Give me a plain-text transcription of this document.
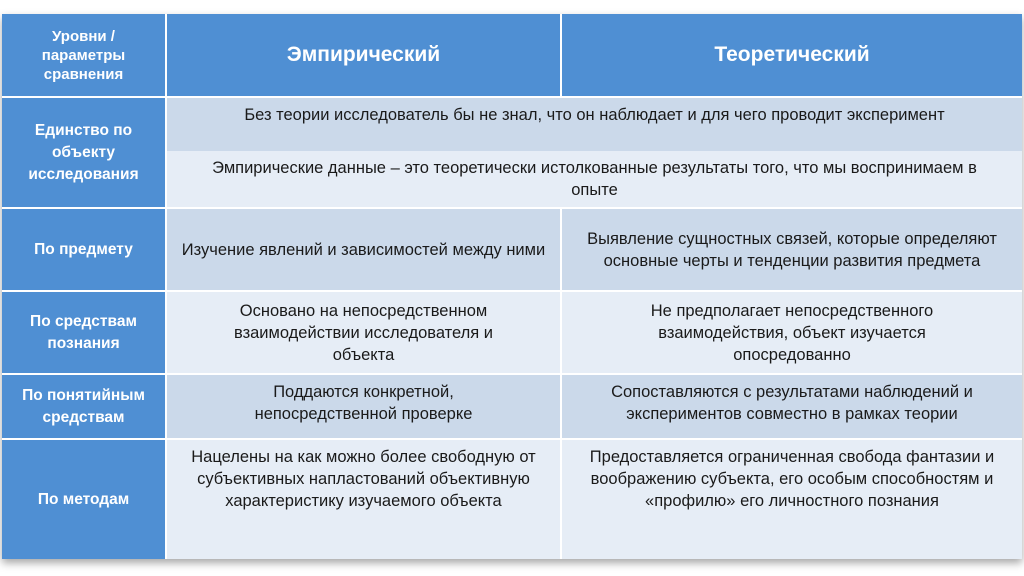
Уровни / параметры сравнения
Эмпирический	Теоретический
Единство по объекту исследования
Без теории исследователь бы не знал, что он наблюдает и для чего проводит эксперимент
Эмпирические данные – это теоретически истолкованные результаты того, что мы воспринимаем в опыте
По предмету	Изучение явлений и зависимостей между ними
Выявление сущностных связей, которые определяют основные черты и тенденции развития предмета
По средствам познания
Основано на непосредственном взаимодействии исследователя и объекта
Не предполагает непосредственного взаимодействия, объект изучается опосредованно
По понятийным средствам
Поддаются конкретной, непосредственной проверке
Сопоставляются с результатами наблюдений и экспериментов совместно в рамках теории
По методам
Нацелены на как можно более свободную от субъективных напластований объективную характеристику изучаемого объекта
Предоставляется ограниченная свобода фантазии и воображению субъекта, его особым способностям и «профилю» его личностного познания
